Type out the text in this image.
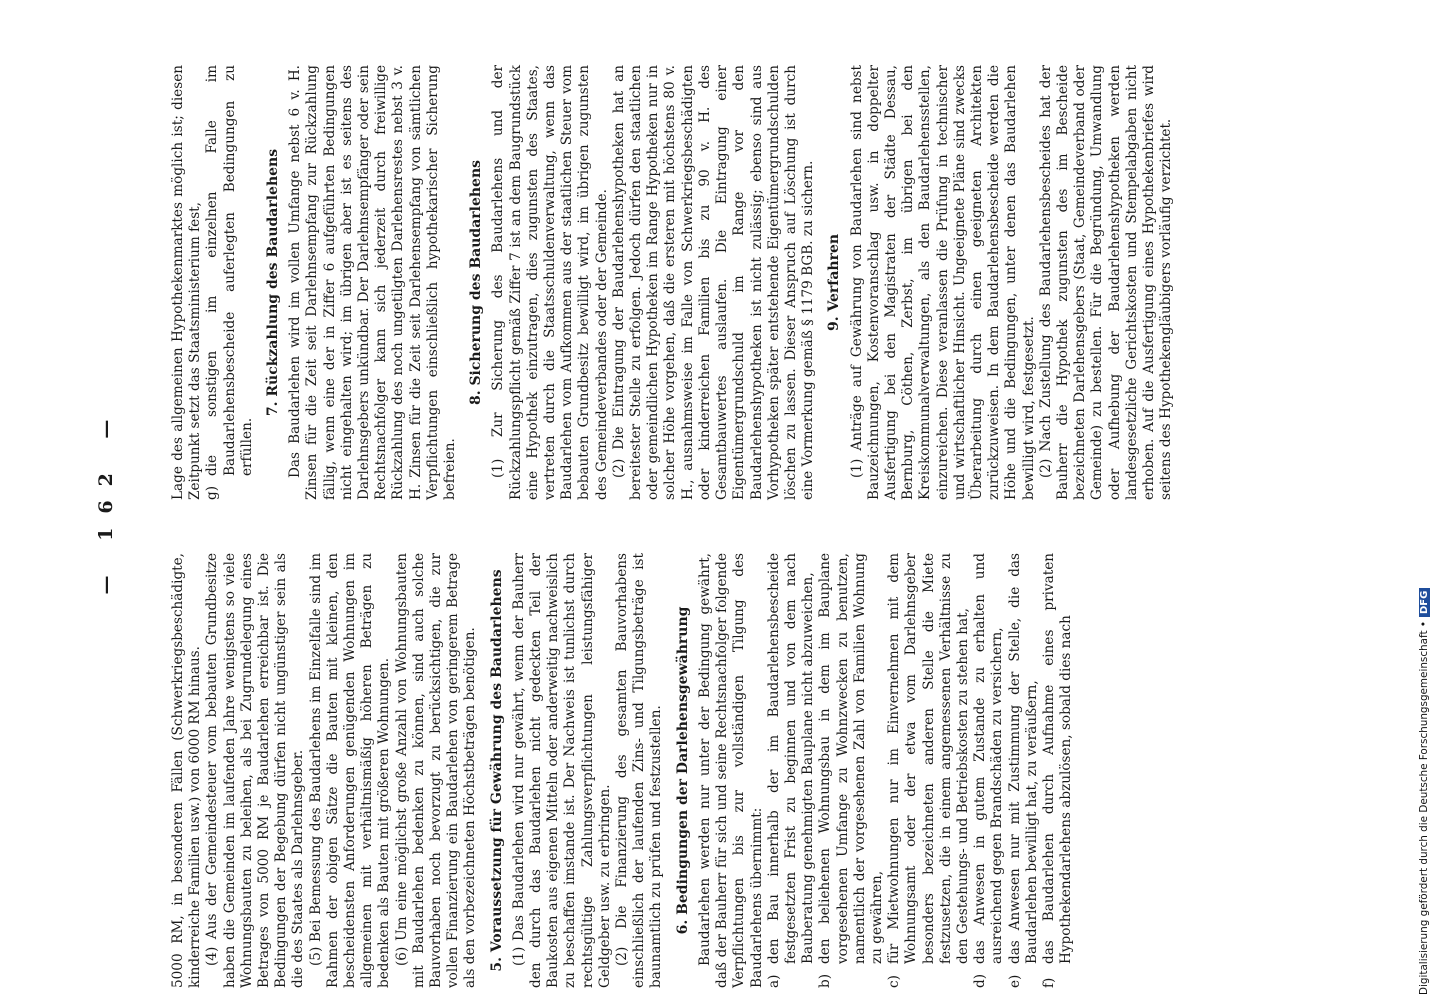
— 162 —

5000 RM, in besonderen Fällen (Schwerkriegsbeschädigte, kinderreiche Familien usw.) von 6000 RM hinaus. (4) Aus der Gemeindesteuer vom bebauten Grundbesitze haben die Gemeinden im laufenden Jahre wenigstens so viele Wohnungsbauten zu beleihen, als bei Zugrundelegung eines Betrages von 5000 RM je Baudarlehen erreichbar ist. Die Bedingungen der Begebung dürfen nicht ungünstiger sein als die des Staates als Darlehnsgeber. (5) Bei Bemessung des Baudarlehens im Einzelfalle sind im Rahmen der obigen Sätze die Bauten mit kleinen, den bescheidensten Anforderungen genügenden Wohnungen im allgemeinen mit verhältnismäßig höheren Beträgen zu bedenken als Bauten mit größeren Wohnungen. (6) Um eine möglichst große Anzahl von Wohnungsbauten mit Baudarlehen bedenken zu können, sind auch solche Bauvorhaben noch bevorzugt zu berücksichtigen, die zur vollen Finanzierung ein Baudarlehen von geringerem Betrage als den vorbezeichneten Höchstbeträgen benötigen. 5. Voraussetzung für Gewährung des Baudarlehens (1) Das Baudarlehen wird nur gewährt, wenn der Bauherr den durch das Baudarlehen nicht gedeckten Teil der Baukosten aus eigenen Mitteln oder anderweitig nachweislich zu beschaffen imstande ist. Der Nachweis ist tunlichst durch rechtsgültige Zahlungsverpflichtungen leistungsfähiger Geldgeber usw. zu erbringen. (2) Die Finanzierung des gesamten Bauvorhabens einschließlich der laufenden Zins- und Tilgungsbeträge ist baunamtlich zu prüfen und festzustellen. 6. Bedingungen der Darlehensgewährung Baudarlehen werden nur unter der Bedingung gewährt, daß der Bauherr für sich und seine Rechtsnachfolger folgende Verpflichtungen bis zur vollständigen Tilgung des Baudarlehens übernimmt: a)
den Bau innerhalb der im Baudarlehensbescheide festgesetzten Frist zu beginnen und von dem nach Bauberatung genehmigten Bauplane nicht abzuweichen,
b)
den beliehenen Wohnungsbau in dem im Bauplane vorgesehenen Umfange zu Wohnzwecken zu benutzen, namentlich der vorgesehenen Zahl von Familien Wohnung zu gewähren,
c)
für Mietwohnungen nur im Einvernehmen mit dem Wohnungsamt oder der etwa vom Darlehnsgeber besonders bezeichneten anderen Stelle die Miete festzusetzen, die in einem angemessenen Verhältnisse zu den Gestehungs- und Betriebskosten zu stehen hat,
d)
das Anwesen in gutem Zustande zu erhalten und ausreichend gegen Brandschäden zu versichern,
e)
das Anwesen nur mit Zustimmung der Stelle, die das Baudarlehen bewilligt hat, zu veräußern,
f)
das Baudarlehen durch Aufnahme eines privaten Hypothekendarlehens abzulösen, sobald dies nach

Lage des allgemeinen Hypothekenmarktes möglich ist; diesen Zeitpunkt setzt das Staatsministerium fest, g)
die sonstigen im einzelnen Falle im Baudarlehensbescheide auferlegten Bedingungen zu erfüllen.
7. Rückzahlung des Baudarlehens Das Baudarlehen wird im vollen Umfange nebst 6 v. H. Zinsen für die Zeit seit Darlehnsempfang zur Rückzahlung fällig, wenn eine der in Ziffer 6 aufgeführten Bedingungen nicht eingehalten wird; im übrigen aber ist es seitens des Darlehnsgebers unkündbar. Der Darlehnsempfänger oder sein Rechtsnachfolger kann sich jederzeit durch freiwillige Rückzahlung des noch ungetilgten Darlehensrestes nebst 3 v. H. Zinsen für die Zeit seit Darlehensempfang von sämtlichen Verpflichtungen einschließlich hypothekarischer Sicherung befreien.

8. Sicherung des Baudarlehens (1) Zur Sicherung des Baudarlehens und der Rückzahlungspflicht gemäß Ziffer 7 ist an dem Baugrundstück eine Hypothek einzutragen, dies zugunsten des Staates, vertreten durch die Staatsschuldenverwaltung, wenn das Baudarlehen vom Aufkommen aus der staatlichen Steuer vom bebauten Grundbesitz bewilligt wird, im übrigen zugunsten des Gemeindeverbandes oder der Gemeinde. (2) Die Eintragung der Baudarlehenshypotheken hat an bereitester Stelle zu erfolgen. Jedoch dürfen den staatlichen oder gemeindlichen Hypotheken im Range Hypotheken nur in solcher Höhe vorgehen, daß die ersteren mit höchstens 80 v. H., ausnahmsweise im Falle von Schwerkriegsbeschädigten oder kinderreichen Familien bis zu 90 v. H. des Gesamtbauwertes auslaufen. Die Eintragung einer Eigentümergrundschuld im Range vor den Baudarlehenshypotheken ist nicht zulässig; ebenso sind aus Vorhypotheken später entstehende Eigentümergrundschulden löschen zu lassen. Dieser Anspruch auf Löschung ist durch eine Vormerkung gemäß § 1179 BGB. zu sichern. 9. Verfahren (1) Anträge auf Gewährung von Baudarlehen sind nebst Bauzeichnungen, Kostenvoranschlag usw. in doppelter Ausfertigung bei den Magistraten der Städte Dessau, Bernburg, Cöthen, Zerbst, im übrigen bei den Kreiskommunalverwaltungen, als den Baudarlehensstellen, einzureichen. Diese veranlassen die Prüfung in technischer und wirtschaftlicher Hinsicht. Ungeeignete Pläne sind zwecks Überarbeitung durch einen geeigneten Architekten zurückzuweisen. In dem Baudarlehensbescheide werden die Höhe und die Bedingungen, unter denen das Baudarlehen bewilligt wird, festgesetzt. (2) Nach Zustellung des Baudarlehensbescheides hat der Bauherr die Hypothek zugunsten des im Bescheide bezeichneten Darlehensgebers (Staat, Gemeindeverband oder Gemeinde) zu bestellen. Für die Begründung, Umwandlung oder Aufhebung der Baudarlehenshypotheken werden landesgesetzliche Gerichtskosten und Stempelabgaben nicht erhoben. Auf die Ausfertigung eines Hypothekenbriefes wird seitens des Hypothekengläubigers vorläufig verzichtet.

Digitalisierung gefördert durch die Deutsche Forschungsgemeinschaft •DFG
